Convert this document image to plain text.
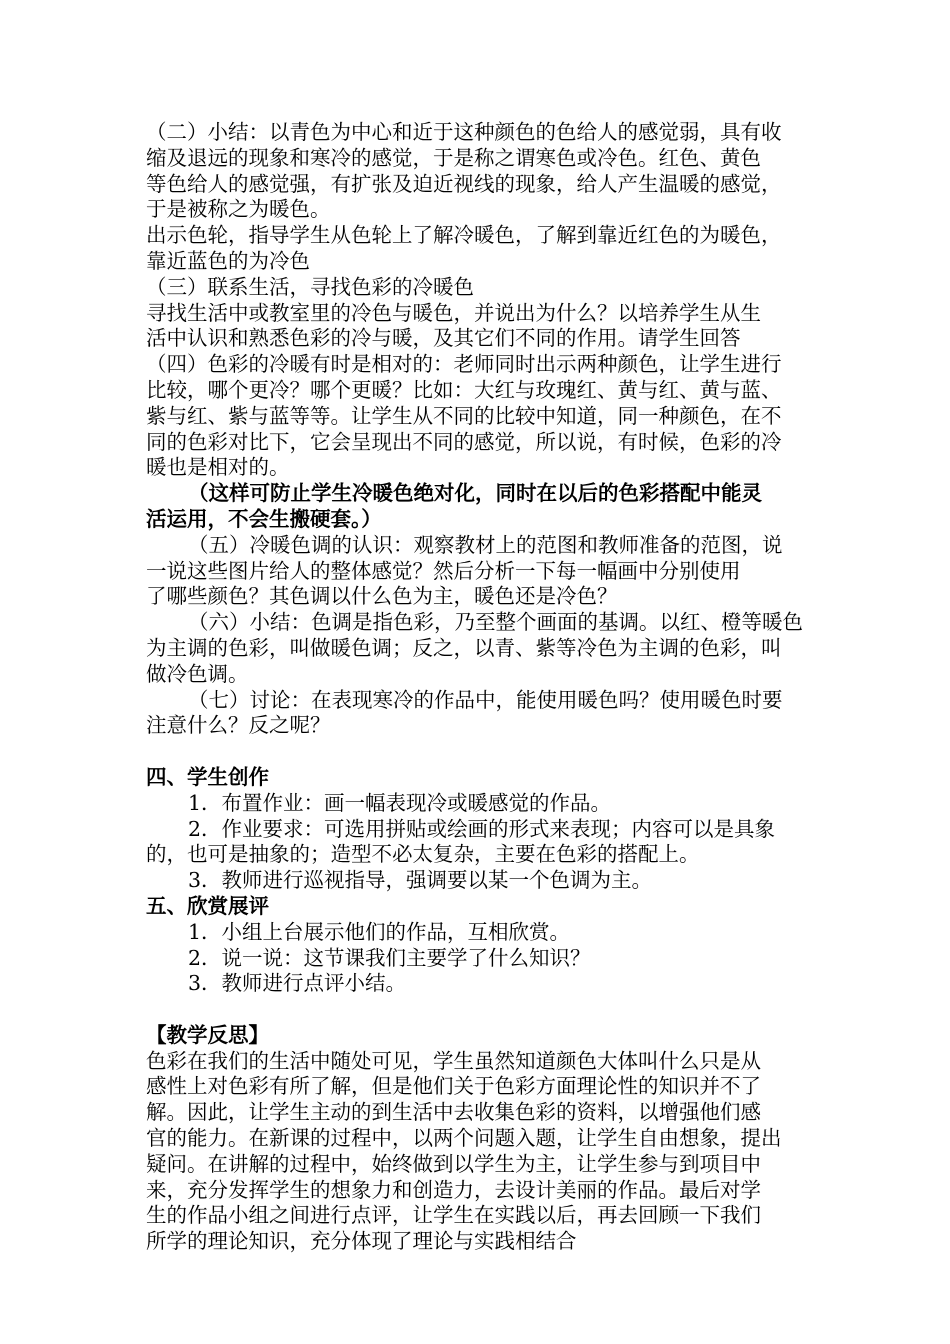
（二）小结：以青色为中心和近于这种颜色的色给人的感觉弱，具有收
缩及退远的现象和寒冷的感觉，于是称之谓寒色或冷色。红色、黄色
等色给人的感觉强，有扩张及迫近视线的现象，给人产生温暖的感觉，
于是被称之为暖色。
出示色轮，指导学生从色轮上了解冷暖色，了解到靠近红色的为暖色，
靠近蓝色的为冷色
（三）联系生活，寻找色彩的冷暖色
寻找生活中或教室里的冷色与暖色，并说出为什么？以培养学生从生
活中认识和熟悉色彩的冷与暖，及其它们不同的作用。请学生回答
（四）色彩的冷暖有时是相对的：老师同时出示两种颜色，让学生进行
比较，哪个更冷？哪个更暖？比如：大红与玫瑰红、黄与红、黄与蓝、
紫与红、紫与蓝等等。让学生从不同的比较中知道，同一种颜色，在不
同的色彩对比下，它会呈现出不同的感觉，所以说，有时候，色彩的冷
暖也是相对的。
（这样可防止学生冷暖色绝对化，同时在以后的色彩搭配中能灵
活运用，不会生搬硬套。）
（五）冷暖色调的认识：观察教材上的范图和教师准备的范图，说
一说这些图片给人的整体感觉？然后分析一下每一幅画中分别使用
了哪些颜色？其色调以什么色为主，暖色还是冷色？
（六）小结：色调是指色彩，乃至整个画面的基调。以红、橙等暖色
为主调的色彩，叫做暖色调；反之，以青、紫等冷色为主调的色彩，叫
做冷色调。
（七）讨论：在表现寒冷的作品中，能使用暖色吗？使用暖色时要
注意什么？反之呢？
四、学生创作
1．布置作业：画一幅表现冷或暖感觉的作品。
2．作业要求：可选用拼贴或绘画的形式来表现；内容可以是具象
的，也可是抽象的；造型不必太复杂，主要在色彩的搭配上。
3．教师进行巡视指导，强调要以某一个色调为主。
五、欣赏展评
1．小组上台展示他们的作品，互相欣赏。
2．说一说：这节课我们主要学了什么知识？
3．教师进行点评小结。
【教学反思】
色彩在我们的生活中随处可见，学生虽然知道颜色大体叫什么只是从
感性上对色彩有所了解，但是他们关于色彩方面理论性的知识并不了
解。因此，让学生主动的到生活中去收集色彩的资料，以增强他们感
官的能力。在新课的过程中，以两个问题入题，让学生自由想象，提出
疑问。在讲解的过程中，始终做到以学生为主，让学生参与到项目中
来，充分发挥学生的想象力和创造力，去设计美丽的作品。最后对学
生的作品小组之间进行点评，让学生在实践以后，再去回顾一下我们
所学的理论知识，充分体现了理论与实践相结合
